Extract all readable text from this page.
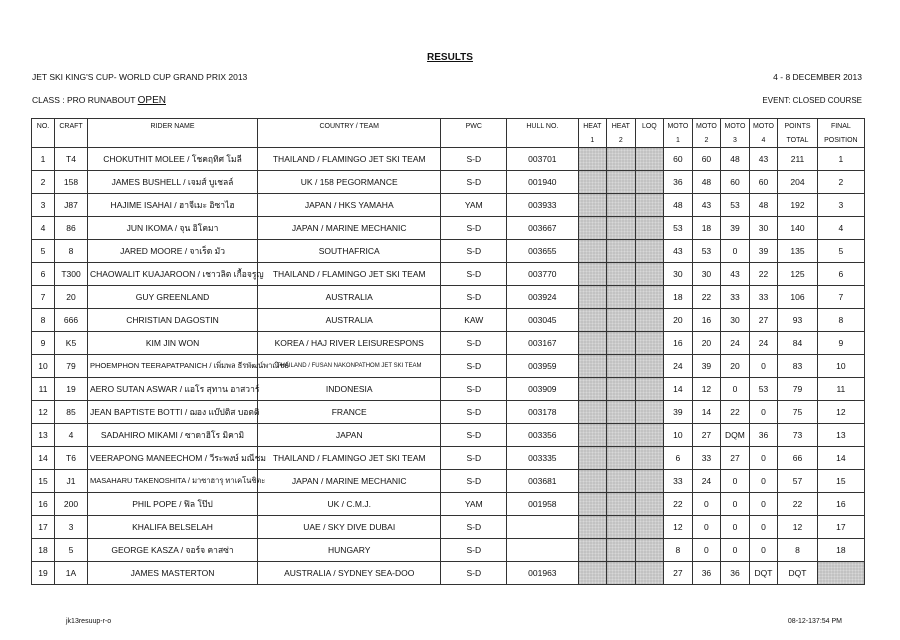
RESULTS
JET SKI KING'S CUP- WORLD CUP GRAND PRIX 2013	4 - 8 DECEMBER 2013
CLASS : PRO RUNABOUT OPEN	EVENT: CLOSED COURSE
NO.	CRAFT	RIDER NAME	COUNTRY / TEAM	PWC	HULL NO.	HEAT	HEAT	LOQ	MOTO	MOTO	MOTO	MOTO	POINTS	FINAL
						1	2		1	2	3	4	TOTAL	POSITION
1	T4	CHOKUTHIT MOLEE / โชคฤทิศ โมลี	THAILAND / FLAMINGO JET SKI TEAM	S-D	003701				60	60	48	43	211	1
2	158	JAMES BUSHELL / เจมส์ บูเชลล์	UK / 158 PEGORMANCE	S-D	001940				36	48	60	60	204	2
3	J87	HAJIME ISAHAI / ฮาจีเมะ อิซาไฮ	JAPAN / HKS YAMAHA	YAM	003933				48	43	53	48	192	3
4	86	JUN IKOMA / จุน อิโคมา	JAPAN / MARINE MECHANIC	S-D	003667				53	18	39	30	140	4
5	8	JARED MOORE / จาเร็ด มัว	SOUTHAFRICA	S-D	003655				43	53	0	39	135	5
6	T300	CHAOWALIT KUAJAROON / เชาวลิต เกื้อจรูญ	THAILAND / FLAMINGO JET SKI TEAM	S-D	003770				30	30	43	22	125	6
7	20	GUY GREENLAND	AUSTRALIA	S-D	003924				18	22	33	33	106	7
8	666	CHRISTIAN DAGOSTIN	AUSTRALIA	KAW	003045				20	16	30	27	93	8
9	K5	KIM JIN WON	KOREA / HAJ RIVER LEISURESPONS	S-D	003167				16	20	24	24	84	9
10	79	PHOEMPHON TEERAPATPANICH / เพิ่มพล ธีรพัฒน์พาณิชย์	THAILAND / FUSAN NAKONPATHOM JET SKI TEAM	S-D	003959				24	39	20	0	83	10
11	19	AERO SUTAN ASWAR / แอโร สุทาน อาสวาร์	INDONESIA	S-D	003909				14	12	0	53	79	11
12	85	JEAN BAPTISTE BOTTI / ฌอง แบ๊ปติส บอตติ	FRANCE	S-D	003178				39	14	22	0	75	12
13	4	SADAHIRO MIKAMI / ซาดาฮิโร มิคามิ	JAPAN	S-D	003356				10	27	DQM	36	73	13
14	T6	VEERAPONG MANEECHOM / วีระพงษ์ มณีชม	THAILAND / FLAMINGO JET SKI TEAM	S-D	003335				6	33	27	0	66	14
15	J1	MASAHARU TAKENOSHITA / มาซาฮารุ ทาเคโนชิตะ	JAPAN / MARINE MECHANIC	S-D	003681				33	24	0	0	57	15
16	200	PHIL POPE / ฟิล โป๊ป	UK / C.M.J.	YAM	001958				22	0	0	0	22	16
17	3	KHALIFA BELSELAH	UAE / SKY DIVE DUBAI	S-D					12	0	0	0	12	17
18	5	GEORGE KASZA / จอร์จ คาสซ่า	HUNGARY	S-D					8	0	0	0	8	18
19	1A	JAMES MASTERTON	AUSTRALIA / SYDNEY SEA-DOO	S-D	001963				27	36	36	DQT	DQT	
jk13resuup-r-o	08-12-137:54 PM
